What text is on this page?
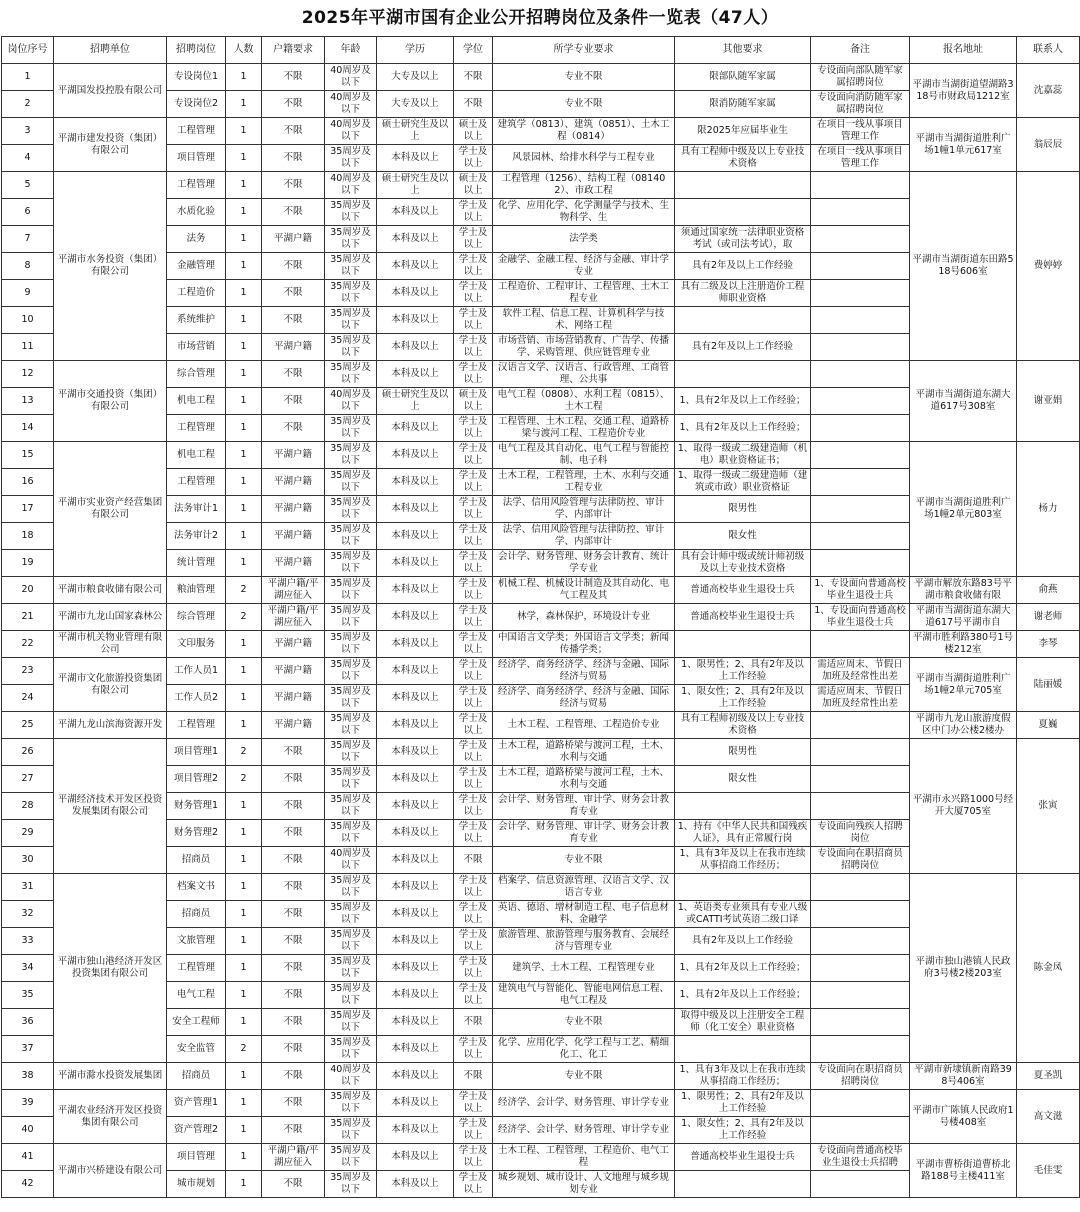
2025年平湖市国有企业公开招聘岗位及条件一览表（47人）
岗位序号	招聘单位	招聘岗位	人数	户籍要求	年龄	学历	学位	所学专业要求	其他要求	备注	报名地址	联系人
1	平湖国发投控股有限公司	专设岗位1	1	不限	40周岁及以下	大专及以上	不限	专业不限	限部队随军家属	专设面向部队随军家属招聘岗位	平湖市当湖街道望湖路318号市财政局1212室	沈嘉蕊
2		专设岗位2	1	不限	40周岁及以下	大专及以上	不限	专业不限	限消防随军家属	专设面向消防随军家属招聘岗位		
3	平湖市建发投资（集团）有限公司	工程管理	1	不限	40周岁及以下	硕士研究生及以上	硕士及以上	建筑学（0813）、建筑（0851）、土木工程（0814）	限2025年应届毕业生	在项目一线从事项目管理工作	平湖市当湖街道胜利广场1幢1单元617室	翁辰辰
4		项目管理	1	不限	35周岁及以下	本科及以上	学士及以上	风景园林、给排水科学与工程专业	具有工程师中级及以上专业技术资格	在项目一线从事项目管理工作		
5	平湖市水务投资（集团）有限公司	工程管理	1	不限	40周岁及以下	硕士研究生及以上	硕士及以上	工程管理（1256）、结构工程（081402）、市政工程			平湖市当湖街道东田路518号606室	费婷婷
6		水质化验	1	不限	35周岁及以下	本科及以上	学士及以上	化学、应用化学、化学测量学与技术、生物科学、生				
7		法务	1	平湖户籍	35周岁及以下	本科及以上	学士及以上	法学类	须通过国家统一法律职业资格考试（或司法考试），取			
8		金融管理	1	不限	35周岁及以下	本科及以上	学士及以上	金融学、金融工程、经济与金融、审计学专业	具有2年及以上工作经验			
9		工程造价	1	不限	35周岁及以下	本科及以上	学士及以上	工程造价、工程审计、工程管理、土木工程专业	具有二级及以上注册造价工程师职业资格			
10		系统维护	1	不限	35周岁及以下	本科及以上	学士及以上	软件工程、信息工程、计算机科学与技术、网络工程				
11		市场营销	1	平湖户籍	35周岁及以下	本科及以上	学士及以上	市场营销、市场营销教育、广告学、传播学、采购管理、供应链管理专业	具有2年及以上工作经验			
12	平湖市交通投资（集团）有限公司	综合管理	1	不限	35周岁及以下	本科及以上	学士及以上	汉语言文学、汉语言、行政管理、工商管理、公共事			平湖市当湖街道东湖大道617号308室	谢亚娟
13		机电工程	1	不限	40周岁及以下	硕士研究生及以上	硕士及以上	电气工程（0808）、水利工程（0815）、土木工程	1、具有2年及以上工作经验；			
14		工程管理	1	不限	35周岁及以下	本科及以上	学士及以上	工程管理、土木工程、交通工程、道路桥梁与渡河工程、工程造价专业	1、具有2年及以上工作经验；			
15	平湖市实业资产经营集团有限公司	机电工程	1	平湖户籍	35周岁及以下	本科及以上	学士及以上	电气工程及其自动化、电气工程与智能控制、电子科	1、取得一级或二级建造师（机电）职业资格证书；		平湖市当湖街道胜利广场1幢2单元803室	杨力
16		工程管理	1	平湖户籍	35周岁及以下	本科及以上	学士及以上	土木工程，工程管理，土木、水利与交通工程专业	1、取得一级或二级建造师（建筑或市政）职业资格证			
17		法务审计1	1	平湖户籍	35周岁及以下	本科及以上	学士及以上	法学、信用风险管理与法律防控、审计学、内部审计	限男性			
18		法务审计2	1	平湖户籍	35周岁及以下	本科及以上	学士及以上	法学、信用风险管理与法律防控、审计学、内部审计	限女性			
19		统计管理	1	平湖户籍	35周岁及以下	本科及以上	学士及以上	会计学、财务管理、财务会计教育、统计学专业	具有会计师中级或统计师初级及以上专业技术资格			
20	平湖市粮食收储有限公司	粮油管理	2	平湖户籍/平湖应征入	35周岁及以下	本科及以上	学士及以上	机械工程、机械设计制造及其自动化、电气工程及其	普通高校毕业生退役士兵	1、专设面向普通高校毕业生退役士兵	平湖市解放东路83号平湖市粮食收储有限	俞燕
21	平湖市九龙山国家森林公	综合管理	2	平湖户籍/平湖应征入	35周岁及以下	本科及以上	学士及以上	林学，森林保护，环境设计专业	普通高校毕业生退役士兵	1、专设面向普通高校毕业生退役士兵	平湖市当湖街道东湖大道617号平湖市自	谢老师
22	平湖市机关物业管理有限公司	文印服务	1	平湖户籍	35周岁及以下	本科及以上	学士及以上	中国语言文学类；外国语言文学类；新闻传播学类；			平湖市胜利路380号1号楼212室	李琴
23	平湖市文化旅游投资集团有限公司	工作人员1	1	平湖户籍	35周岁及以下	本科及以上	学士及以上	经济学、商务经济学、经济与金融、国际经济与贸易	1、限男性；2、具有2年及以上工作经验	需适应周末、节假日加班及经常性出差	平湖市当湖街道胜利广场1幢2单元705室	陆丽媛
24		工作人员2	1	平湖户籍	35周岁及以下	本科及以上	学士及以上	经济学、商务经济学、经济与金融、国际经济与贸易	1、限女性；2、具有2年及以上工作经验	需适应周末、节假日加班及经常性出差		
25	平湖九龙山滨海资源开发	工程管理	1	平湖户籍	35周岁及以下	本科及以上	学士及以上	土木工程、工程管理、工程造价专业	具有工程师初级及以上专业技术资格		平湖市九龙山旅游度假区中门办公楼2楼办	夏巍
26	平湖经济技术开发区投资发展集团有限公司	项目管理1	2	不限	35周岁及以下	本科及以上	学士及以上	土木工程，道路桥梁与渡河工程，土木、水利与交通	限男性		平湖市永兴路1000号经开大厦705室	张寅
27		项目管理2	2	不限	35周岁及以下	本科及以上	学士及以上	土木工程，道路桥梁与渡河工程，土木、水利与交通	限女性			
28		财务管理1	1	不限	35周岁及以下	本科及以上	学士及以上	会计学、财务管理、审计学、财务会计教育专业				
29		财务管理2	1	不限	35周岁及以下	本科及以上	学士及以上	会计学、财务管理、审计学、财务会计教育专业	1、持有《中华人民共和国残疾人证》，具有正常履行岗	专设面向残疾人招聘岗位		
30		招商员	1	不限	40周岁及以下	本科及以上	不限	专业不限	1、具有3年及以上在我市连续从事招商工作经历；	专设面向在职招商员招聘岗位		
31	平湖市独山港经济开发区投资集团有限公司	档案文书	1	不限	35周岁及以下	本科及以上	学士及以上	档案学、信息资源管理、汉语言文学、汉语言专业			平湖市独山港镇人民政府3号楼2楼203室	陈金凤
32		招商员	1	不限	35周岁及以下	本科及以上	学士及以上	英语、德语、增材制造工程、电子信息材料、金融学	1、英语类专业须具有专业八级或CATTI考试英语二级口译			
33		文旅管理	1	不限	35周岁及以下	本科及以上	学士及以上	旅游管理、旅游管理与服务教育、会展经济与管理专业	具有2年及以上工作经验			
34		工程管理	1	不限	35周岁及以下	本科及以上	学士及以上	建筑学、土木工程、工程管理专业	1、具有2年及以上工作经验；			
35		电气工程	1	不限	35周岁及以下	本科及以上	学士及以上	建筑电气与智能化、智能电网信息工程、电气工程及	1、具有2年及以上工作经验；			
36		安全工程师	1	不限	35周岁及以下	本科及以上	不限	专业不限	取得中级及以上注册安全工程师（化工安全）职业资格			
37		安全监管	2	不限	35周岁及以下	本科及以上	学士及以上	化学、应用化学、化学工程与工艺、精细化工、化工				
38	平湖市滁水投资发展集团	招商员	1	不限	40周岁及以下	本科及以上	不限	专业不限	1、具有3年及以上在我市连续从事招商工作经历；	专设面向在职招商员招聘岗位	平湖市新埭镇新南路398号406室	夏圣凯
39	平湖农业经济开发区投资集团有限公司	资产管理1	1	不限	35周岁及以下	本科及以上	学士及以上	经济学、会计学、财务管理、审计学专业	1、限男性；2、具有2年及以上工作经验		平湖市广陈镇人民政府1号楼408室	高文滋
40		资产管理2	1	不限	35周岁及以下	本科及以上	学士及以上	经济学、会计学、财务管理、审计学专业	1、限女性；2、具有2年及以上工作经验			
41	平湖市兴桥建设有限公司	项目管理	1	平湖户籍/平湖应征入	35周岁及以下	本科及以上	学士及以上	土木工程、工程管理、工程造价、电气工程	普通高校毕业生退役士兵	专设面向普通高校毕业生退役士兵招聘	平湖市曹桥街道曹桥北路188号主楼411室	毛佳雯
42		城市规划	1	不限	35周岁及以下	本科及以上	学士及以上	城乡规划、城市设计、人文地理与城乡规划专业				
